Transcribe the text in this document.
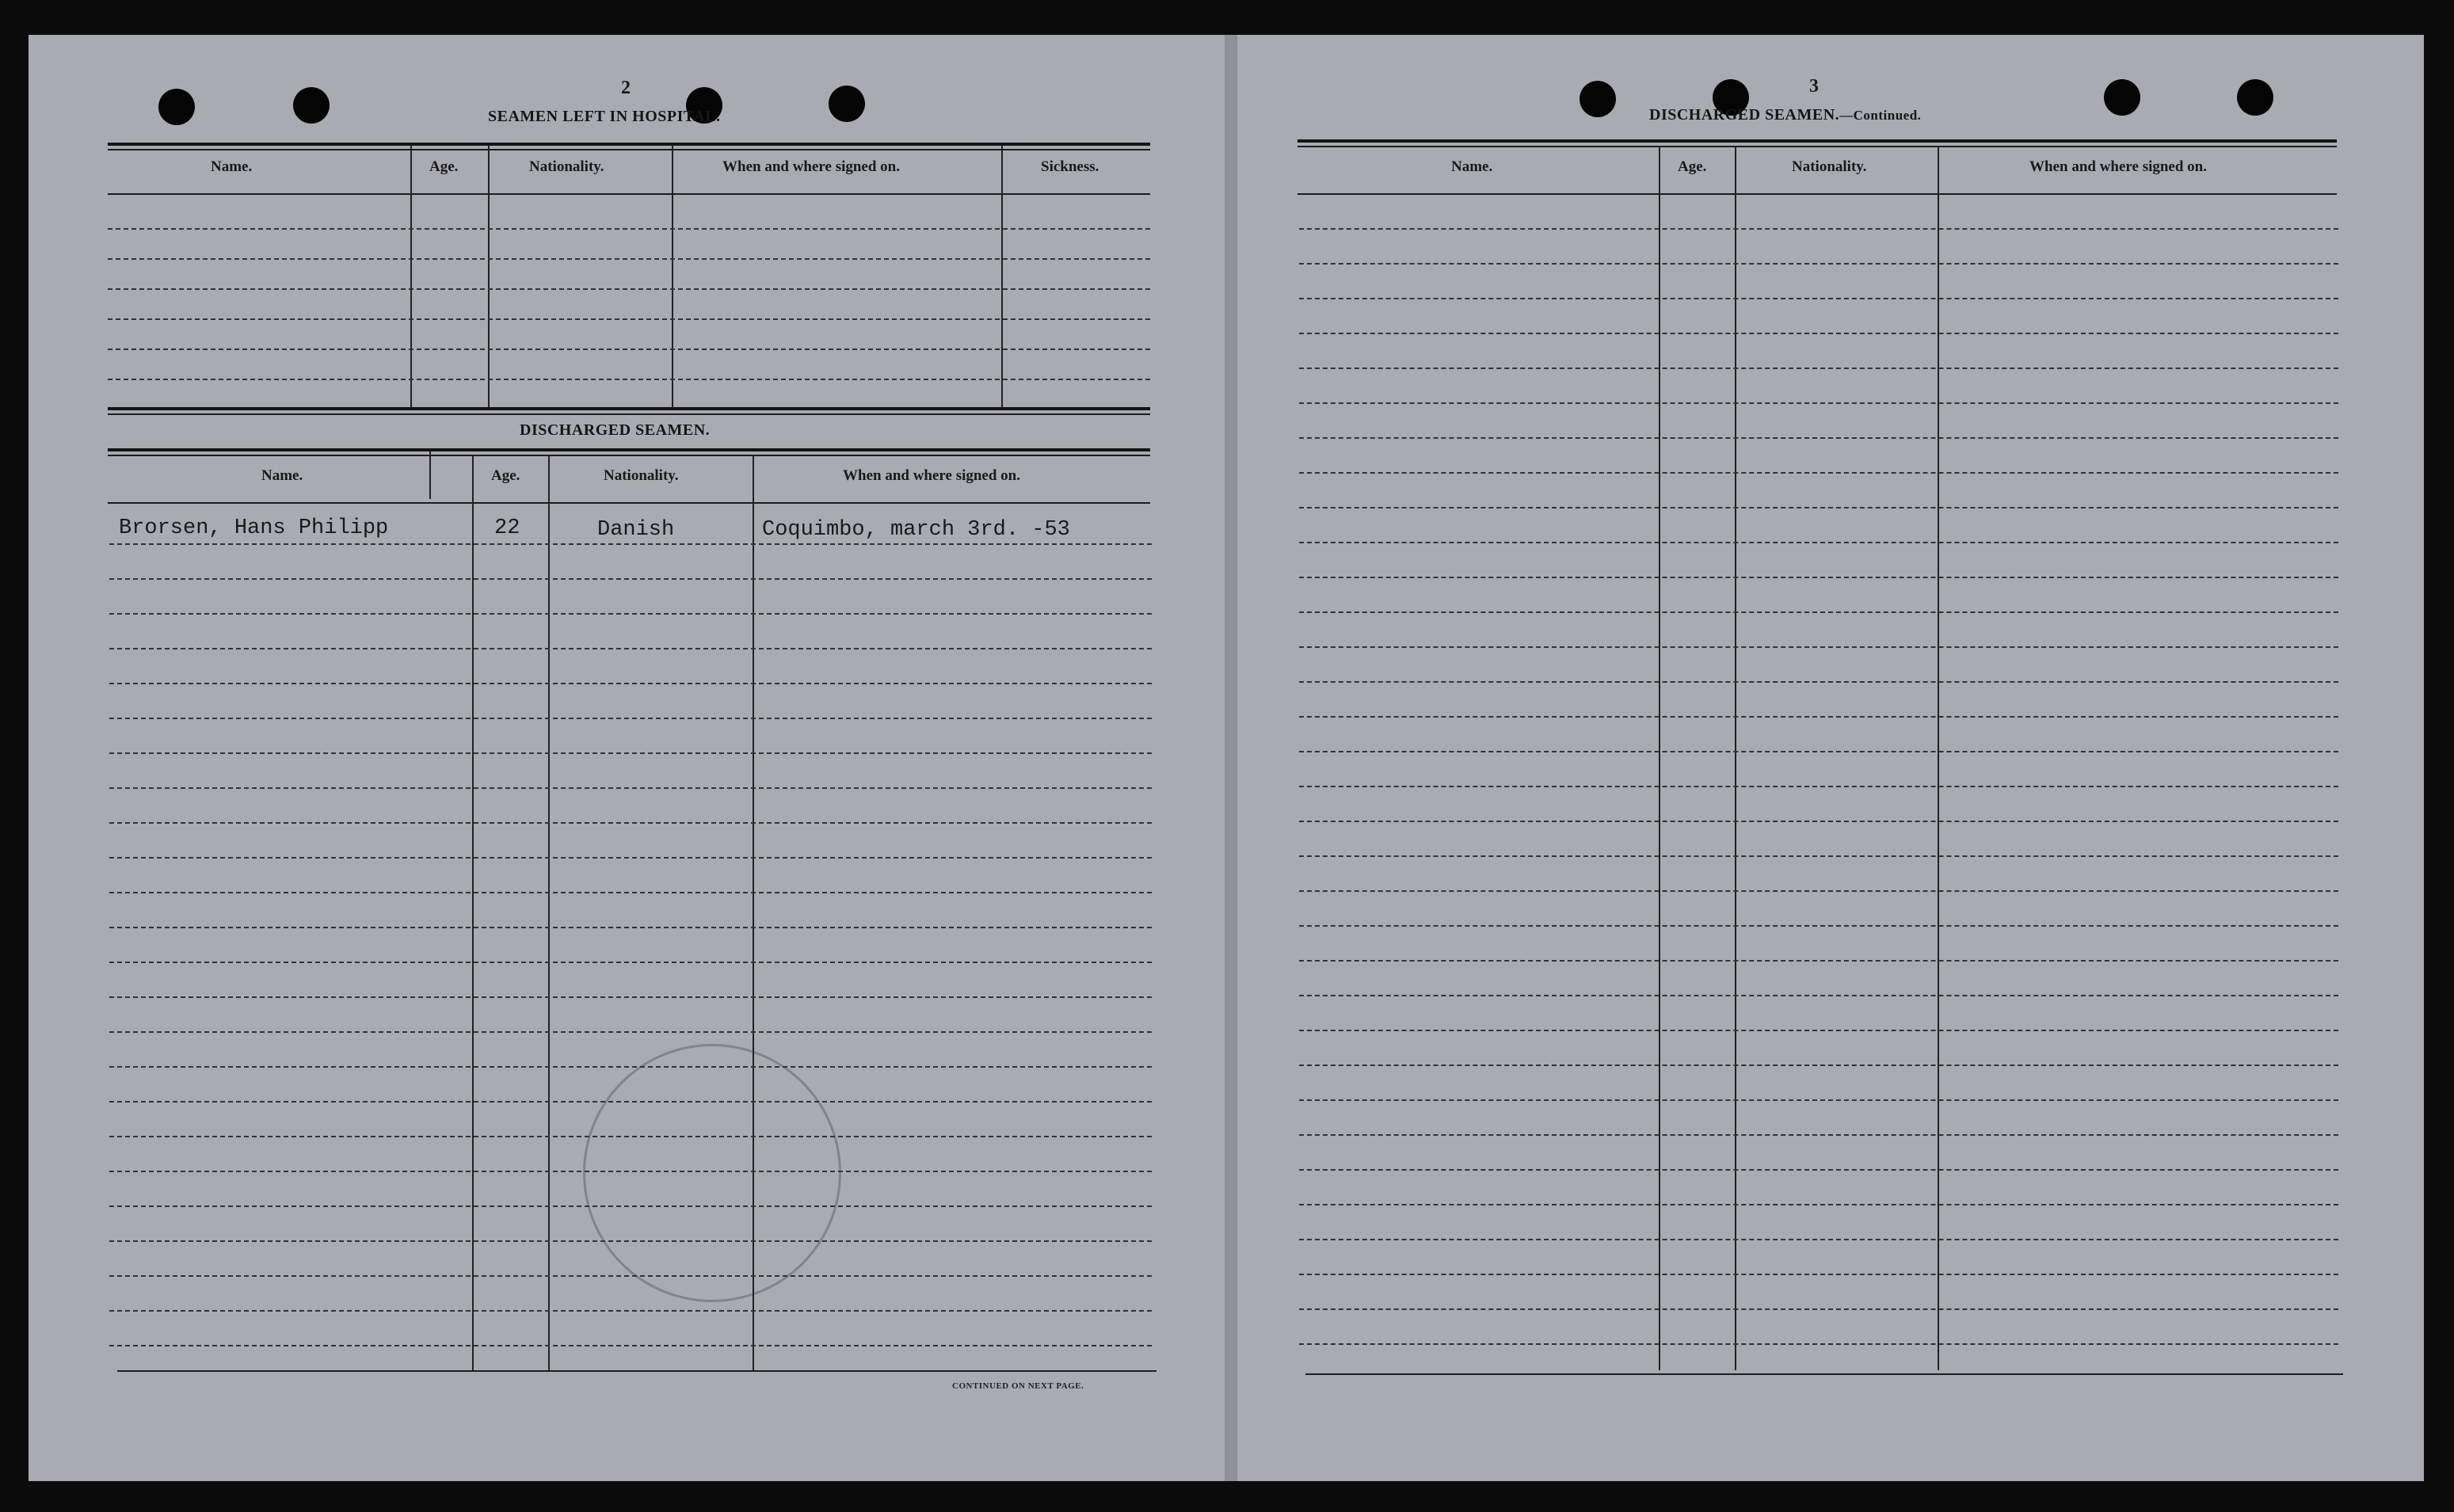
2
SEAMEN LEFT IN HOSPITAL.
Name.	Age.	Nationality.	When and where signed on.	Sickness.
DISCHARGED SEAMEN.
Name.	Age.	Nationality.	When and where signed on.
Brorsen, Hans Philipp	22	Danish	Coquimbo, march 3rd. -53
CONTINUED ON NEXT PAGE.
3
DISCHARGED SEAMEN.—Continued.
Name.	Age.	Nationality.	When and where signed on.
